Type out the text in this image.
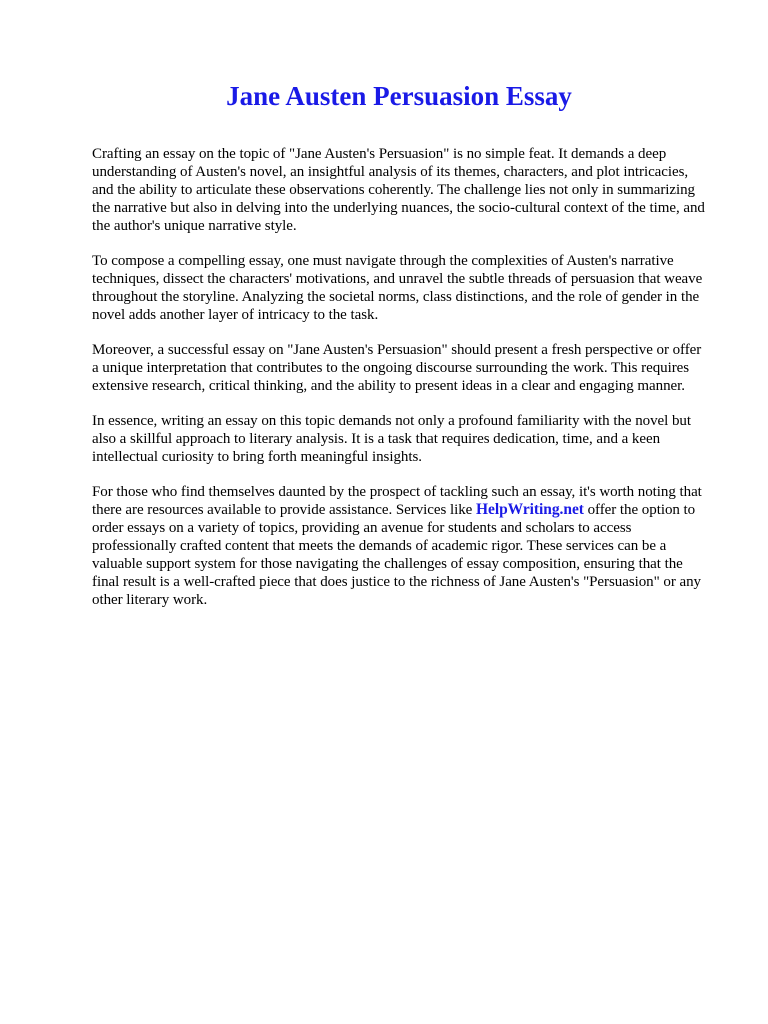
Jane Austen Persuasion Essay

Crafting an essay on the topic of "Jane Austen's Persuasion" is no simple feat. It demands a deep understanding of Austen's novel, an insightful analysis of its themes, characters, and plot intricacies, and the ability to articulate these observations coherently. The challenge lies not only in summarizing the narrative but also in delving into the underlying nuances, the socio-cultural context of the time, and the author's unique narrative style.

To compose a compelling essay, one must navigate through the complexities of Austen's narrative techniques, dissect the characters' motivations, and unravel the subtle threads of persuasion that weave throughout the storyline. Analyzing the societal norms, class distinctions, and the role of gender in the novel adds another layer of intricacy to the task.

Moreover, a successful essay on "Jane Austen's Persuasion" should present a fresh perspective or offer a unique interpretation that contributes to the ongoing discourse surrounding the work. This requires extensive research, critical thinking, and the ability to present ideas in a clear and engaging manner.

In essence, writing an essay on this topic demands not only a profound familiarity with the novel but also a skillful approach to literary analysis. It is a task that requires dedication, time, and a keen intellectual curiosity to bring forth meaningful insights.

For those who find themselves daunted by the prospect of tackling such an essay, it's worth noting that there are resources available to provide assistance. Services like HelpWriting.net offer the option to order essays on a variety of topics, providing an avenue for students and scholars to access professionally crafted content that meets the demands of academic rigor. These services can be a valuable support system for those navigating the challenges of essay composition, ensuring that the final result is a well-crafted piece that does justice to the richness of Jane Austen's "Persuasion" or any other literary work.
